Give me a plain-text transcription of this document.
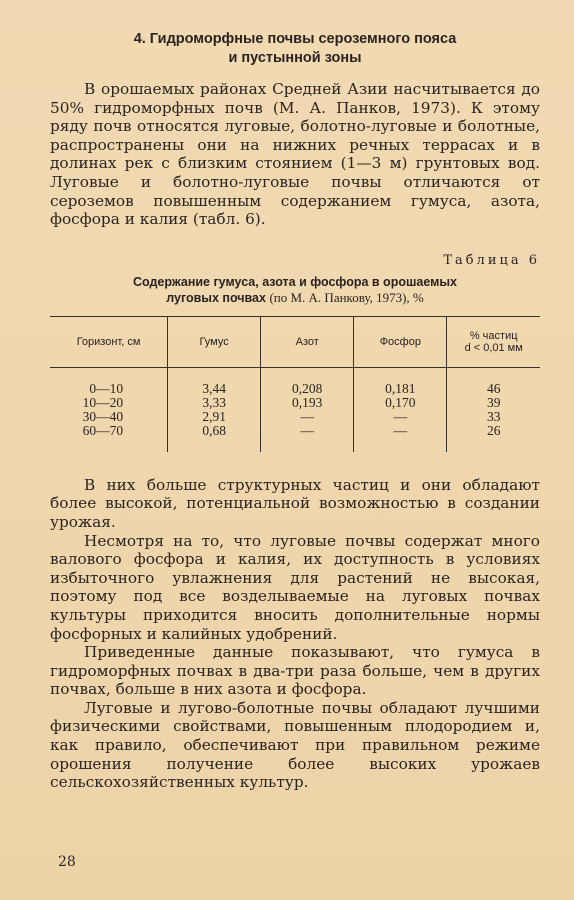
4. Гидроморфные почвы сероземного пояса
и пустынной зоны

В орошаемых районах Средней Азии насчитывается до 50% гидроморфных почв (М. А. Панков, 1973). К этому ряду почв относятся луговые, болотно-луговые и болотные, распространены они на нижних речных террасах и в долинах рек с близким стоянием (1—3 м) грунтовых вод. Луговые и болотно-луговые почвы отличаются от сероземов повышенным содержанием гумуса, азота, фосфора и калия (табл. 6).

Таблица 6
Содержание гумуса, азота и фосфора в орошаемых
луговых почвах (по М. А. Панкову, 1973), %
Горизонт, см	Гумус	Азот	Фосфор	% частиц
d < 0,01 мм

0—10	3,44	0,208	0,181	46
10—20	3,33	0,193	0,170	39
30—40	2,91	—	—	33
60—70	0,68	—	—	26

В них больше структурных частиц и они обладают более высокой, потенциальной возможностью в создании урожая.

Несмотря на то, что луговые почвы содержат много валового фосфора и калия, их доступность в условиях избыточного увлажнения для растений не высокая, поэтому под все возделываемые на луговых почвах культуры приходится вносить дополнительные нормы фосфорных и калийных удобрений.

Приведенные данные показывают, что гумуса в гидроморфных почвах в два-три раза больше, чем в других почвах, больше в них азота и фосфора.

Луговые и лугово-болотные почвы обладают лучшими физическими свойствами, повышенным плодородием и, как правило, обеспечивают при правильном режиме орошения получение более высоких урожаев сельскохозяйственных культур.

28
